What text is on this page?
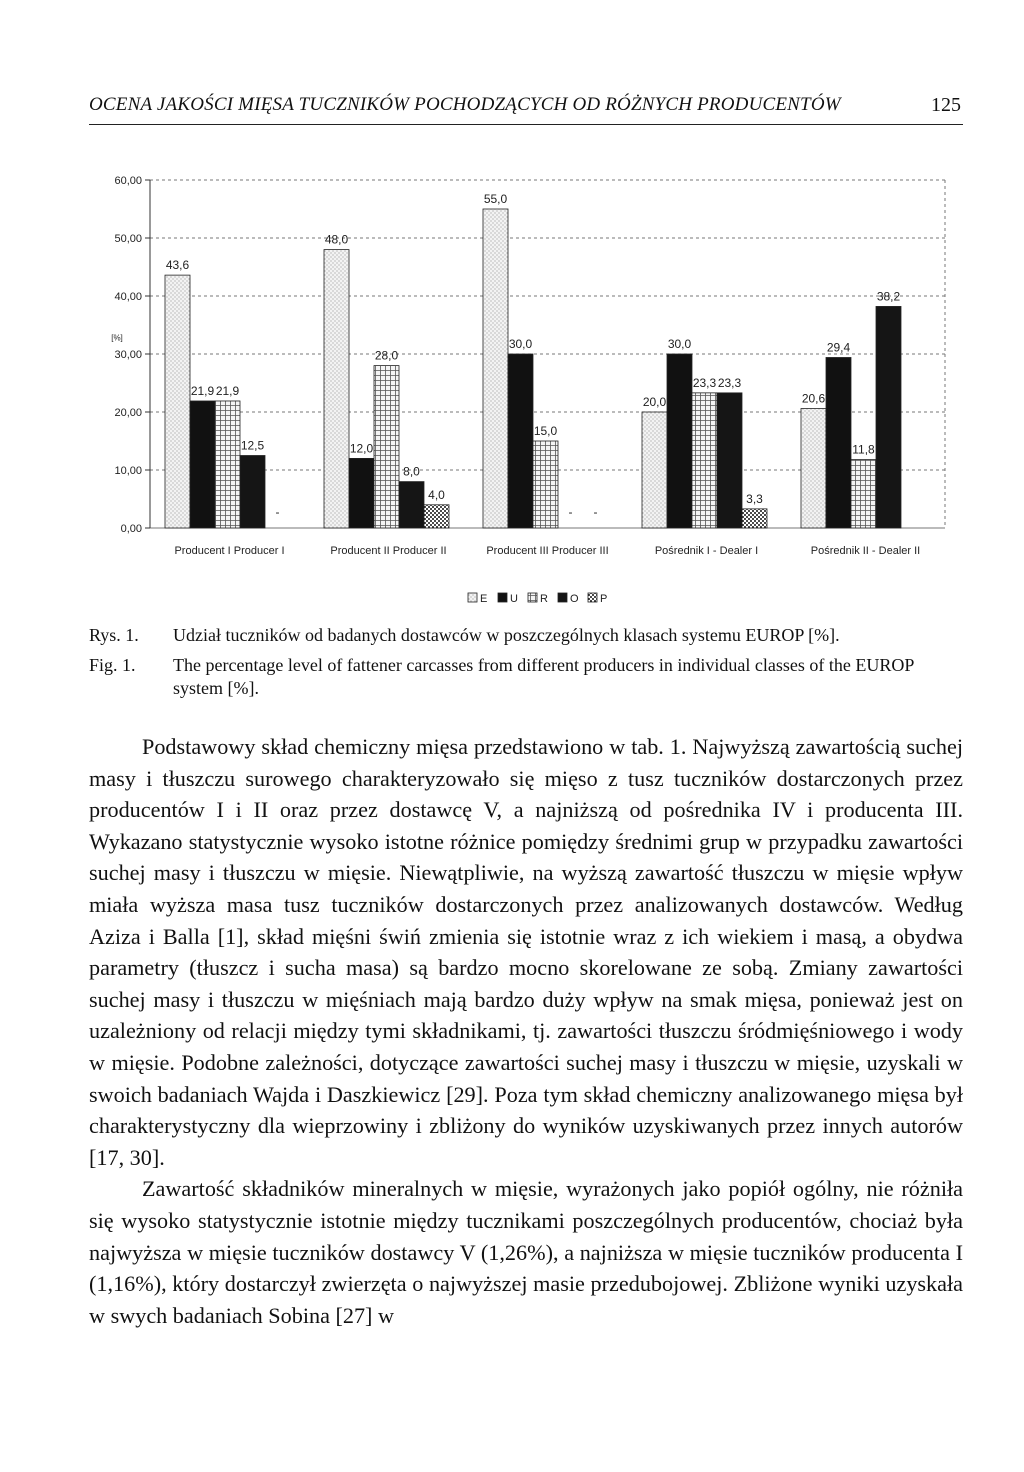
OCENA JAKOŚCI MIĘSA TUCZNIKÓW POCHODZĄCYCH OD RÓŻNYCH PRODUCENTÓW	125
43,6
21,9 21,9
12,5
-
48,0
12,0
28,0
8,0
4,0
55,0
30,0
15,0
- -
20,0
30,0
23,3 23,3
3,3
20,6
29,4
11,8
38,2
0,00
10,00
20,00
30,00
40,00
50,00
60,00
[%]
Producent I Producer I	Producent II Producer II	Producent III Producer III	Pośrednik I - Dealer I	Pośrednik II - Dealer II
E U R O P
Rys. 1. Udział tuczników od badanych dostawców w poszczególnych klasach systemu EUROP [%].
Fig. 1. The percentage level of fattener carcasses from different producers in individual classes of the EUROP system [%].

Podstawowy skład chemiczny mięsa przedstawiono w tab. 1. Najwyższą zawartością suchej masy i tłuszczu surowego charakteryzowało się mięso z tusz tuczników dostarczonych przez producentów I i II oraz przez dostawcę V, a najniższą od pośrednika IV i producenta III. Wykazano statystycznie wysoko istotne różnice pomiędzy średnimi grup w przypadku zawartości suchej masy i tłuszczu w mięsie. Niewątpliwie, na wyższą zawartość tłuszczu w mięsie wpływ miała wyższa masa tusz tuczników dostarczonych przez analizowanych dostawców. Według Aziza i Balla [1], skład mięśni świń zmienia się istotnie wraz z ich wiekiem i masą, a obydwa parametry (tłuszcz i sucha masa) są bardzo mocno skorelowane ze sobą. Zmiany zawartości suchej masy i tłuszczu w mięśniach mają bardzo duży wpływ na smak mięsa, ponieważ jest on uzależniony od relacji między tymi składnikami, tj. zawartości tłuszczu śródmięśniowego i wody w mięsie. Podobne zależności, dotyczące zawartości suchej masy i tłuszczu w mięsie, uzyskali w swoich badaniach Wajda i Daszkiewicz [29]. Poza tym skład chemiczny analizowanego mięsa był charakterystyczny dla wieprzowiny i zbliżony do wyników uzyskiwanych przez innych autorów [17, 30].

Zawartość składników mineralnych w mięsie, wyrażonych jako popiół ogólny, nie różniła się wysoko statystycznie istotnie między tucznikami poszczególnych producentów, chociaż była najwyższa w mięsie tuczników dostawcy V (1,26%), a najniższa w mięsie tuczników producenta I (1,16%), który dostarczył zwierzęta o najwyższej masie przedubojowej. Zbliżone wyniki uzyskała w swych badaniach Sobina [27] w
